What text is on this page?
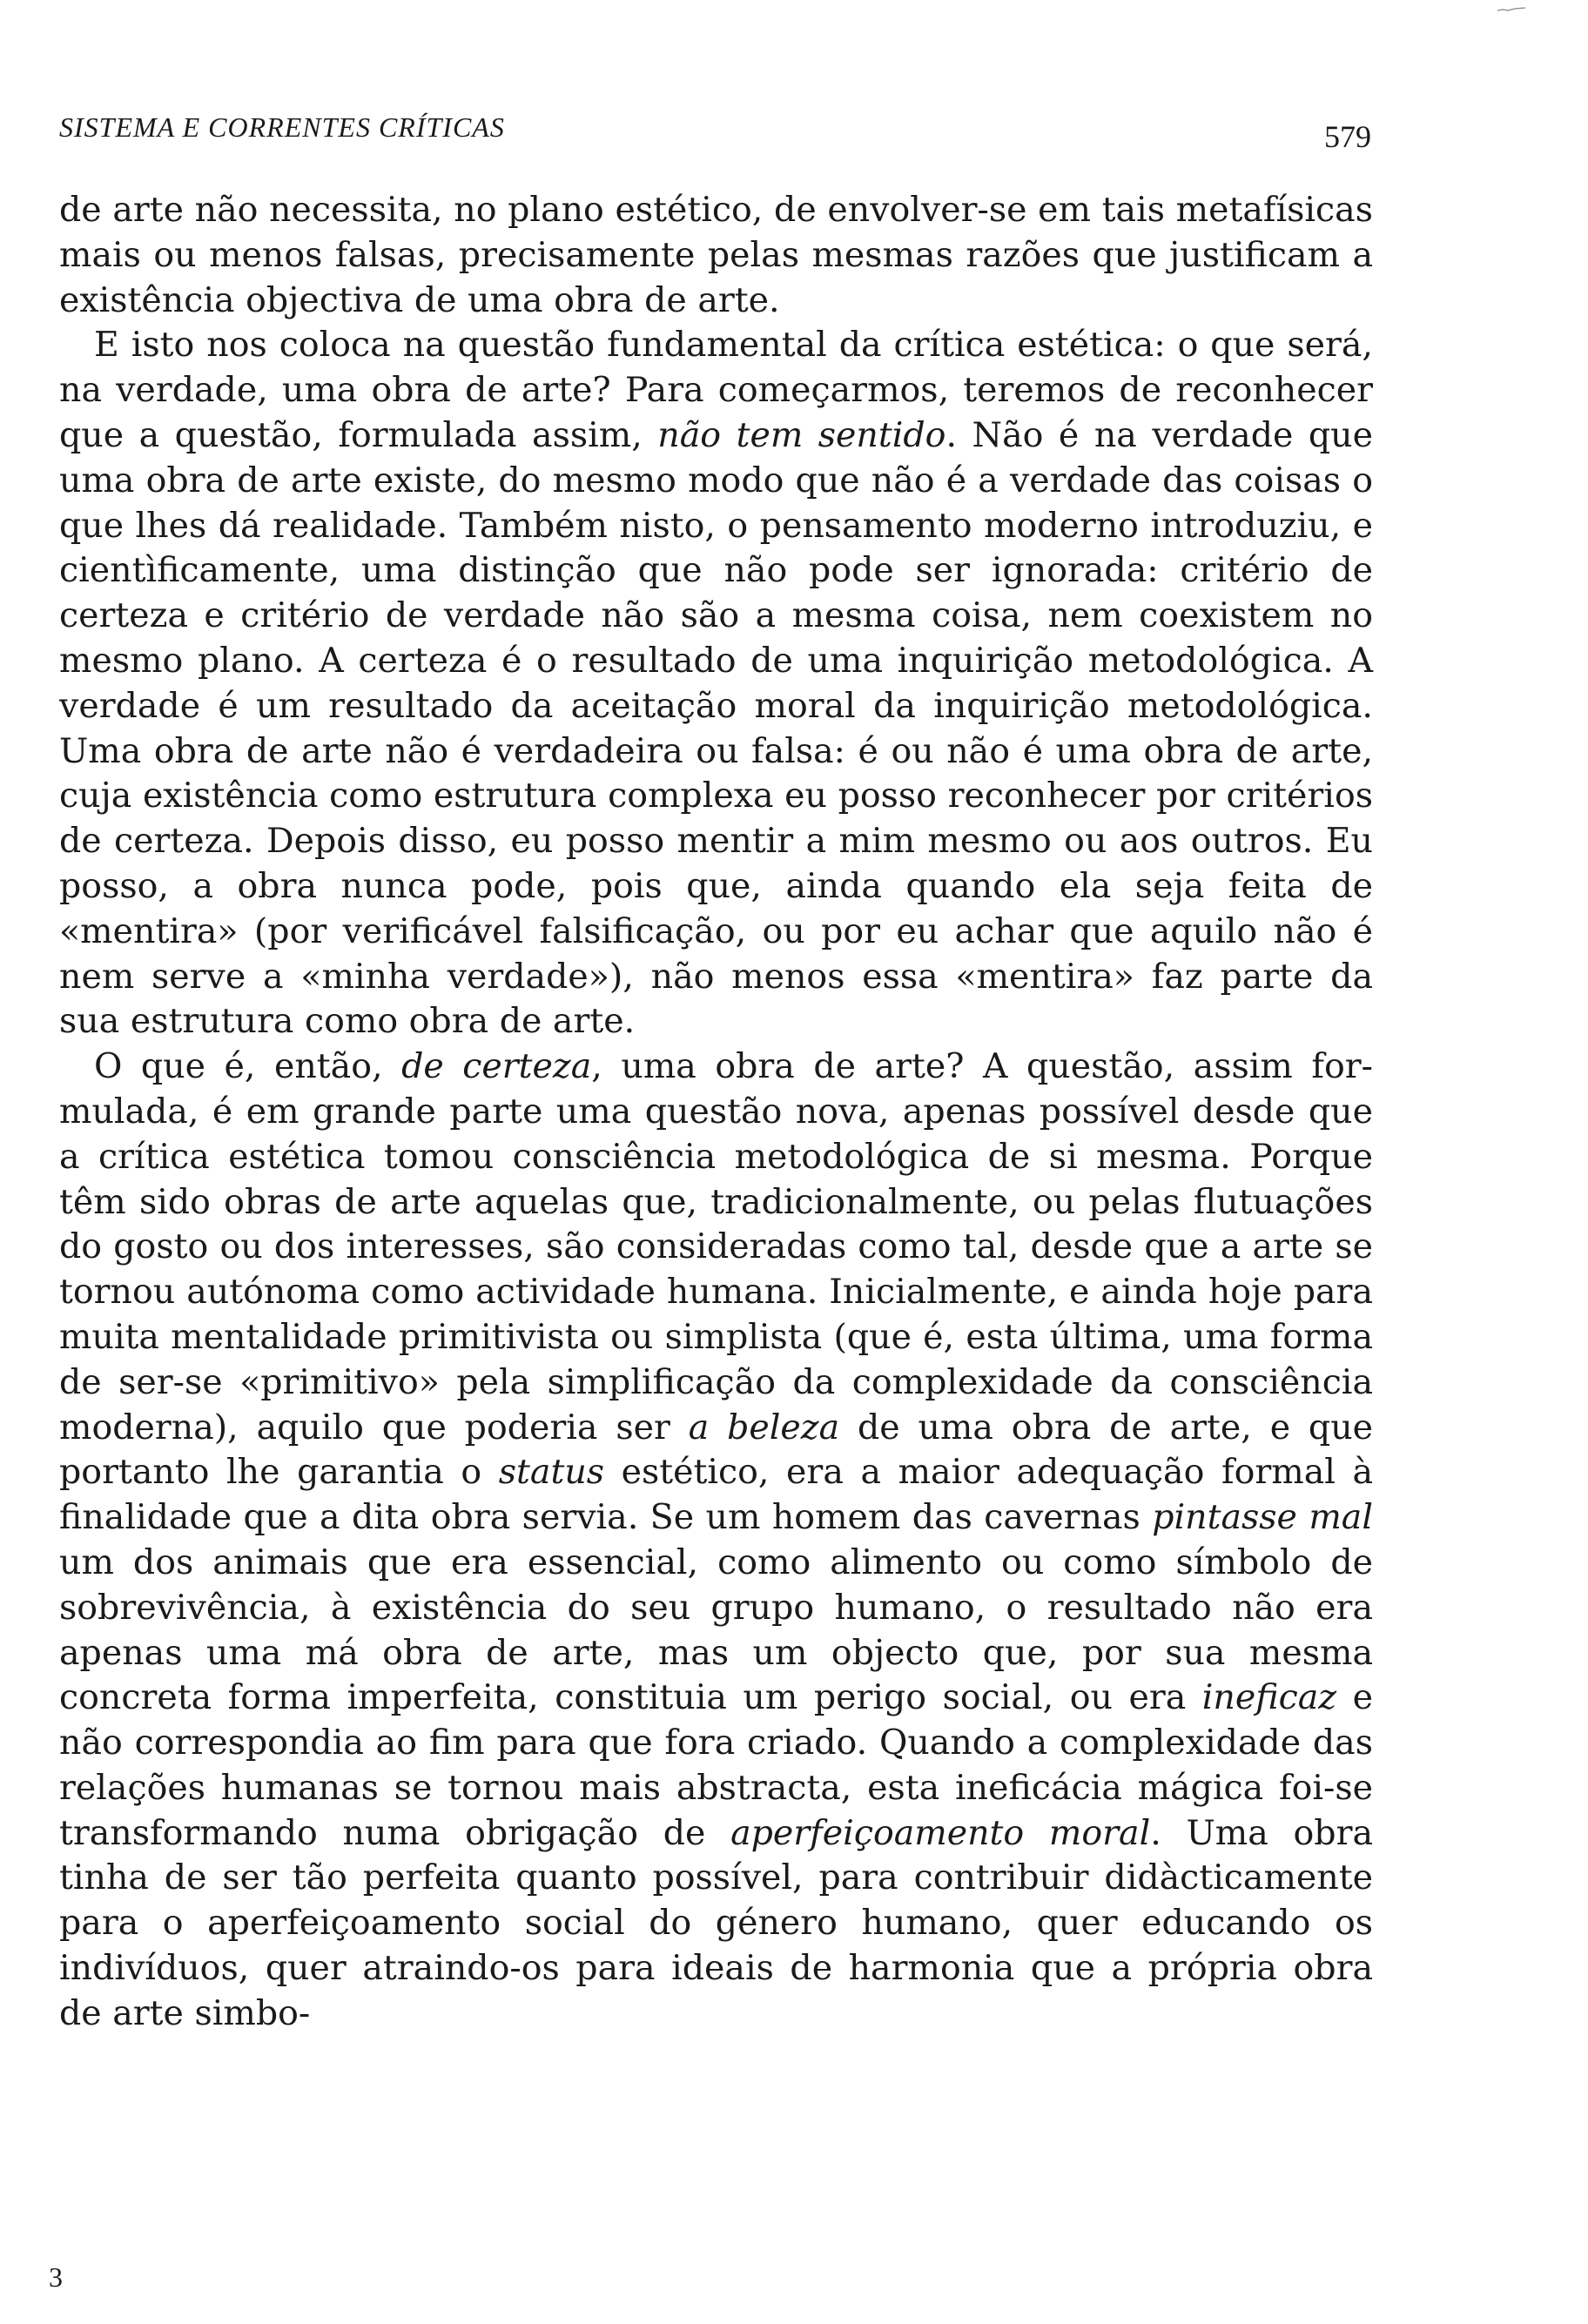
SISTEMA E CORRENTES CRÍTICAS	579

de arte não necessita, no plano estético, de envolver-se em tais metafísicas mais ou menos falsas, precisamente pelas mesmas razões que justificam a existência objectiva de uma obra de arte.

E isto nos coloca na questão fundamental da crítica estética: o que será, na verdade, uma obra de arte? Para começarmos, teremos de reconhecer que a questão, formulada assim, não tem sentido. Não é na verdade que uma obra de arte existe, do mesmo modo que não é a verdade das coisas o que lhes dá realidade. Também nisto, o pensamento moderno introduziu, e cientìficamente, uma distinção que não pode ser ignorada: critério de certeza e critério de verdade não são a mesma coisa, nem coexistem no mesmo plano. A certeza é o resultado de uma inquirição metodológica. A verdade é um resultado da aceitação moral da inquirição metodológica. Uma obra de arte não é verdadeira ou falsa: é ou não é uma obra de arte, cuja existência como estrutura complexa eu posso reconhecer por critérios de certeza. Depois disso, eu posso mentir a mim mesmo ou aos outros. Eu posso, a obra nunca pode, pois que, ainda quando ela seja feita de «mentira» (por verificável falsificação, ou por eu achar que aquilo não é nem serve a «minha verdade»), não menos essa «mentira» faz parte da sua estrutura como obra de arte.

O que é, então, de certeza, uma obra de arte? A questão, assim formulada, é em grande parte uma questão nova, apenas possível desde que a crítica estética tomou consciência metodológica de si mesma. Porque têm sido obras de arte aquelas que, tradicionalmente, ou pelas flutuações do gosto ou dos interesses, são consideradas como tal, desde que a arte se tornou autónoma como actividade humana. Inicialmente, e ainda hoje para muita mentalidade primitivista ou simplista (que é, esta última, uma forma de ser-se «primitivo» pela simplificação da complexidade da consciência moderna), aquilo que poderia ser a beleza de uma obra de arte, e que portanto lhe garantia o status estético, era a maior adequação formal à finalidade que a dita obra servia. Se um homem das cavernas pintasse mal um dos animais que era essencial, como alimento ou como símbolo de sobrevivência, à existência do seu grupo humano, o resultado não era apenas uma má obra de arte, mas um objecto que, por sua mesma concreta forma imperfeita, constituia um perigo social, ou era ineficaz e não correspondia ao fim para que fora criado. Quando a complexidade das relações humanas se tornou mais abstracta, esta ineficácia mágica foi-se transformando numa obrigação de aperfeiçoamento moral. Uma obra tinha de ser tão perfeita quanto possível, para contribuir didàcticamente para o aperfeiçoamento social do género humano, quer educando os indivíduos, quer atraindo-os para ideais de harmonia que a própria obra de arte simbo-

3
